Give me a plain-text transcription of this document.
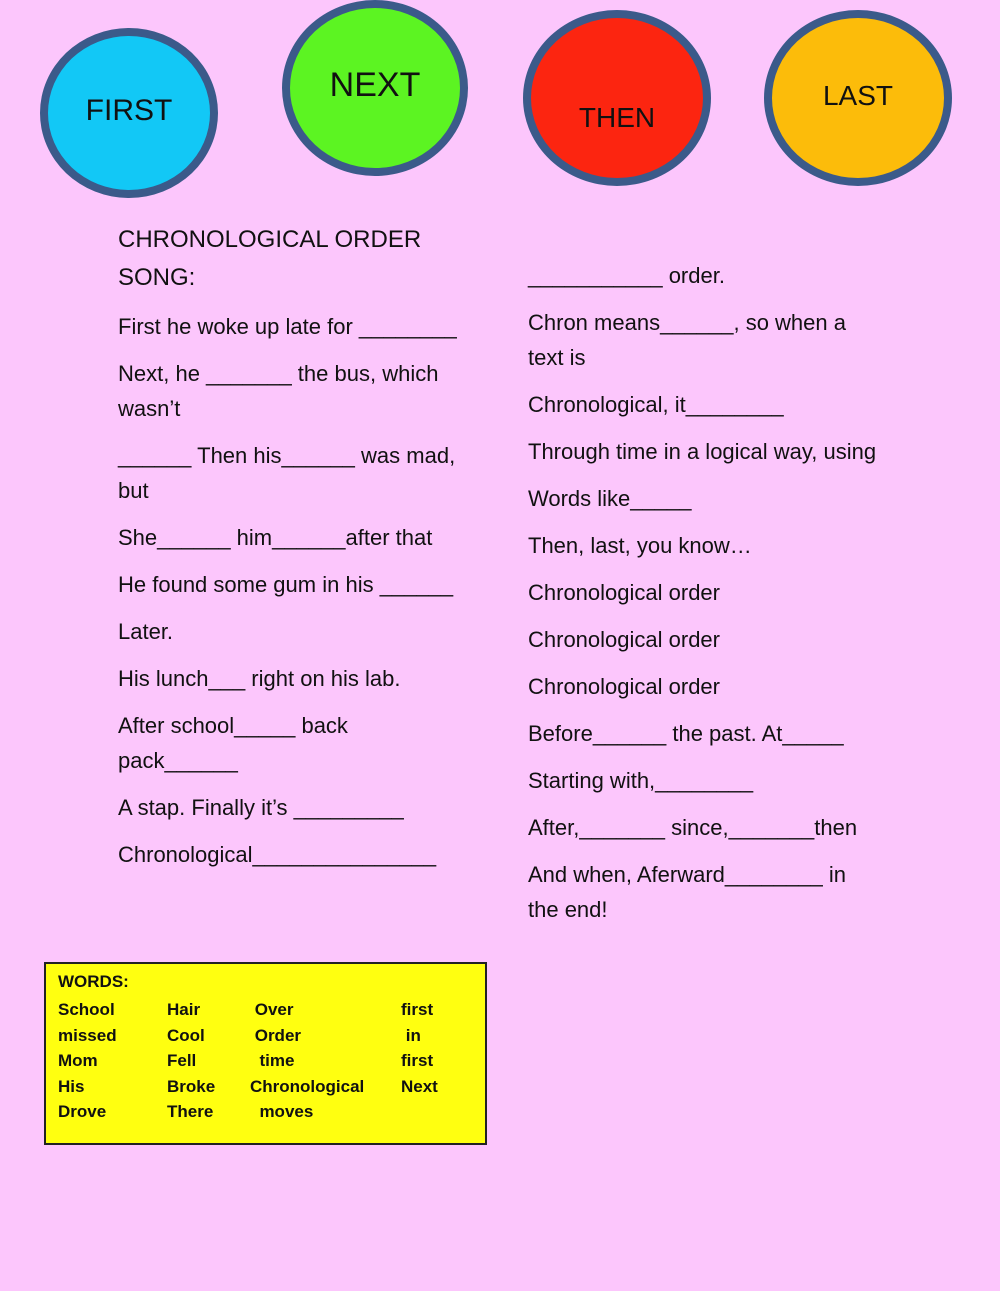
FIRST
NEXT
THEN
LAST

CHRONOLOGICAL ORDER SONG:

First he woke up late for ________

Next, he _______ the bus, which wasn’t

______ Then his______ was mad, but

She______ him______after that

He found some gum in his ______

Later.

His lunch___ right on his lab.

After school_____ back pack______

A stap. Finally it’s _________

Chronological_______________

___________ order.

Chron means______, so when a text is

Chronological, it________

Through time in a logical way, using

Words like_____

Then, last, you know…

Chronological order

Chronological order

Chronological order

Before______ the past. At_____

Starting with,________

After,_______ since,_______then

And when, Aferward________ in the end!

WORDS:
School
missed
Mom
His
Drove
Hair
Cool
Fell
Broke
There
Over
Order
time
Chronological
moves
first
in
first
Next
